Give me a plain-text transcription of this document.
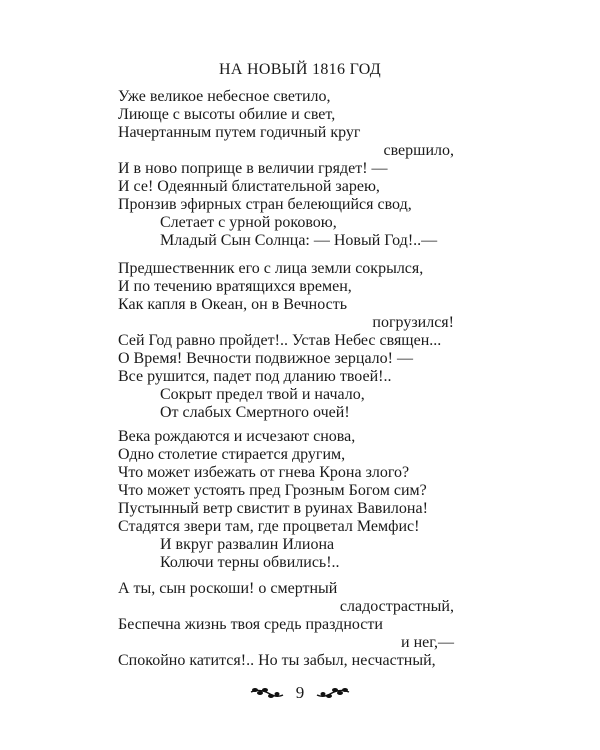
НА НОВЫЙ 1816 ГОД
Уже великое небесное светило,
Лиюще с высоты обилие и свет,
Начертанным путем годичный круг
свершило,
И в ново поприще в величии грядет! —
И се! Одеянный блистательной зарею,
Пронзив эфирных стран белеющийся свод,
Слетает с урной роковою,
Младый Сын Солнца: — Новый Год!..—
Предшественник его с лица земли сокрылся,
И по течению вратящихся времен,
Как капля в Океан, он в Вечность
погрузился!
Сей Год равно пройдет!.. Устав Небес священ...
О Время! Вечности подвижное зерцало! —
Все рушится, падет под дланию твоей!..
Сокрыт предел твой и начало,
От слабых Смертного очей!
Века рождаются и исчезают снова,
Одно столетие стирается другим,
Что может избежать от гнева Крона злого?
Что может устоять пред Грозным Богом сим?
Пустынный ветр свистит в руинах Вавилона!
Стадятся звери там, где процветал Мемфис!
И вкруг развалин Илиона
Колючи терны обвились!..
А ты, сын роскоши! о смертный
сладострастный,
Беспечна жизнь твоя средь праздности
и нег,—
Спокойно катится!.. Но ты забыл, несчастный,
9
